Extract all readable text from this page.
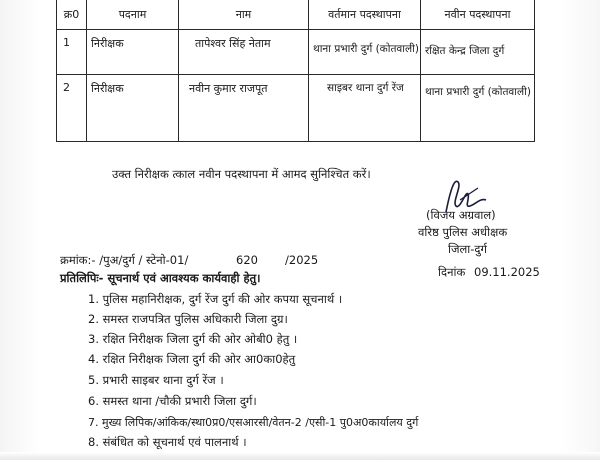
क्र0	पदनाम	नाम	वर्तमान पदस्थापना	नवीन पदस्थापना

1	निरीक्षक	तापेश्वर सिंह नेताम	थाना प्रभारी दुर्ग (कोतवाली)	रक्षित केन्द्र जिला दुर्ग

2	निरीक्षक	नवीन कुमार राजपूत	साइबर थाना दुर्ग रेंज	थाना प्रभारी दुर्ग (कोतवाली)
उक्त निरीक्षक त्काल नवीन पदस्थापना में आमद सुनिश्चित करें।
(विजय अग्रवाल)
वरिष्ठ पुलिस अधीक्षक
जिला-दुर्ग
क्रमांक:- /पुअ/दुर्ग / स्टेनो-01/	620 /2025
दिनांक 09.11.2025
प्रतिलिपिः- सूचनार्थ एवं आवश्यक कार्यवाही हेतु।
1. पुलिस महानिरीक्षक, दुर्ग रेंज दुर्ग की ओर कपया सूचनार्थ ।
2. समस्त राजपत्रित पुलिस अधिकारी जिला दुग्र।
3. रक्षित निरीक्षक जिला दुर्ग की ओर ओबी0 हेतु ।
4. रक्षित निरीक्षक जिला दुर्ग की ओर आ0का0हेतु
5. प्रभारी साइबर थाना दुर्ग रेंज ।
6. समस्त थाना /चौकी प्रभारी जिला दुर्ग।
7. मुख्य लिपिक/आंकिक/स्था0प्र0/एसआरसी/वेतन-2 /एसी-1 पु0अ0कार्यालय दुर्ग
8. संबंधित को सूचनार्थ एवं पालनार्थ ।
